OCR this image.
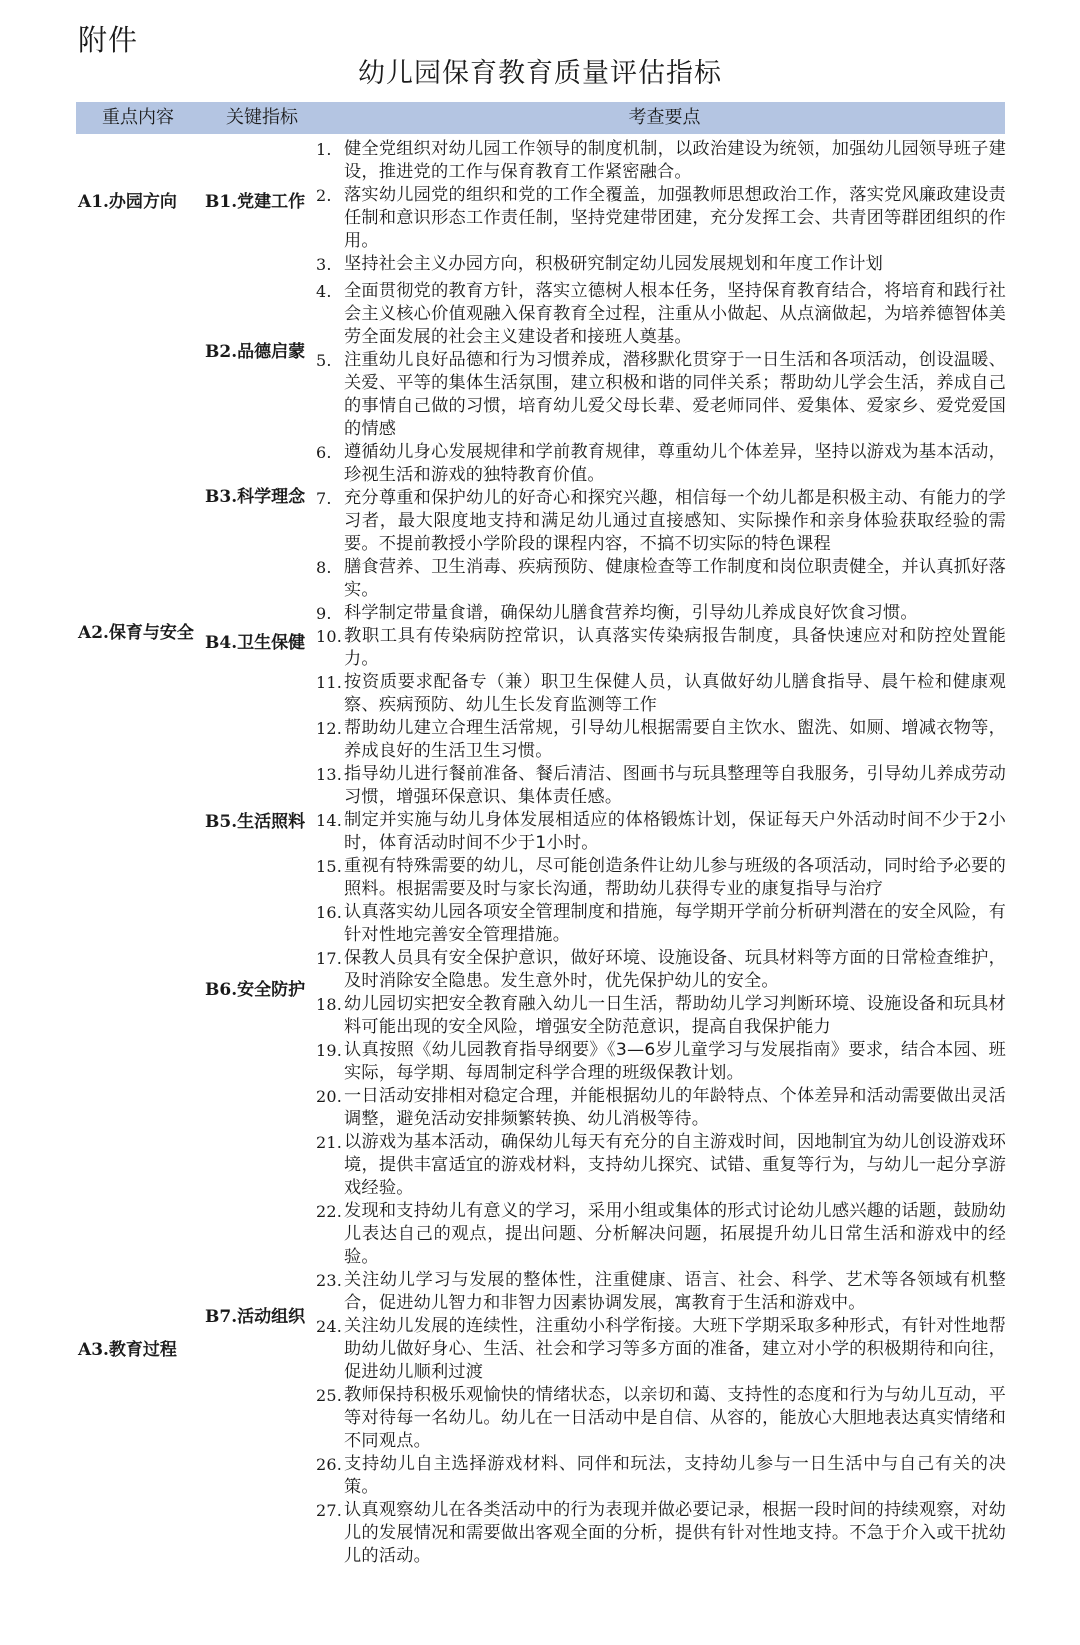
附件
幼儿园保育教育质量评估指标
重点内容	关键指标	考查要点
A1.办园方向
A2.保育与安全
A3.教育过程
B1.党建工作
B2.品德启蒙
B3.科学理念
B4.卫生保健
B5.生活照料
B6.安全防护
B7.活动组织
1. 健全党组织对幼儿园工作领导的制度机制，以政治建设为统领，加强幼儿园领导班子建设，推进党的工作与保育教育工作紧密融合。
2. 落实幼儿园党的组织和党的工作全覆盖，加强教师思想政治工作，落实党风廉政建设责任制和意识形态工作责任制，坚持党建带团建，充分发挥工会、共青团等群团组织的作用。
3. 坚持社会主义办园方向，积极研究制定幼儿园发展规划和年度工作计划
4. 全面贯彻党的教育方针，落实立德树人根本任务，坚持保育教育结合，将培育和践行社会主义核心价值观融入保育教育全过程，注重从小做起、从点滴做起，为培养德智体美劳全面发展的社会主义建设者和接班人奠基。
5. 注重幼儿良好品德和行为习惯养成，潜移默化贯穿于一日生活和各项活动，创设温暖、关爱、平等的集体生活氛围，建立积极和谐的同伴关系；帮助幼儿学会生活，养成自己的事情自己做的习惯，培育幼儿爱父母长辈、爱老师同伴、爱集体、爱家乡、爱党爱国的情感
6. 遵循幼儿身心发展规律和学前教育规律，尊重幼儿个体差异，坚持以游戏为基本活动，珍视生活和游戏的独特教育价值。
7. 充分尊重和保护幼儿的好奇心和探究兴趣，相信每一个幼儿都是积极主动、有能力的学习者，最大限度地支持和满足幼儿通过直接感知、实际操作和亲身体验获取经验的需要。不提前教授小学阶段的课程内容，不搞不切实际的特色课程
8. 膳食营养、卫生消毒、疾病预防、健康检查等工作制度和岗位职责健全，并认真抓好落实。
9. 科学制定带量食谱，确保幼儿膳食营养均衡，引导幼儿养成良好饮食习惯。
10. 教职工具有传染病防控常识，认真落实传染病报告制度，具备快速应对和防控处置能力。
11. 按资质要求配备专（兼）职卫生保健人员，认真做好幼儿膳食指导、晨午检和健康观察、疾病预防、幼儿生长发育监测等工作
12. 帮助幼儿建立合理生活常规，引导幼儿根据需要自主饮水、盥洗、如厕、增减衣物等，养成良好的生活卫生习惯。
13. 指导幼儿进行餐前准备、餐后清洁、图画书与玩具整理等自我服务，引导幼儿养成劳动习惯，增强环保意识、集体责任感。
14. 制定并实施与幼儿身体发展相适应的体格锻炼计划，保证每天户外活动时间不少于2小时，体育活动时间不少于1小时。
15. 重视有特殊需要的幼儿，尽可能创造条件让幼儿参与班级的各项活动，同时给予必要的照料。根据需要及时与家长沟通，帮助幼儿获得专业的康复指导与治疗
16. 认真落实幼儿园各项安全管理制度和措施，每学期开学前分析研判潜在的安全风险，有针对性地完善安全管理措施。
17. 保教人员具有安全保护意识，做好环境、设施设备、玩具材料等方面的日常检查维护，及时消除安全隐患。发生意外时，优先保护幼儿的安全。
18. 幼儿园切实把安全教育融入幼儿一日生活，帮助幼儿学习判断环境、设施设备和玩具材料可能出现的安全风险，增强安全防范意识，提高自我保护能力
19. 认真按照《幼儿园教育指导纲要》《3—6岁儿童学习与发展指南》要求，结合本园、班实际，每学期、每周制定科学合理的班级保教计划。
20. 一日活动安排相对稳定合理，并能根据幼儿的年龄特点、个体差异和活动需要做出灵活调整，避免活动安排频繁转换、幼儿消极等待。
21. 以游戏为基本活动，确保幼儿每天有充分的自主游戏时间，因地制宜为幼儿创设游戏环境，提供丰富适宜的游戏材料，支持幼儿探究、试错、重复等行为，与幼儿一起分享游戏经验。
22. 发现和支持幼儿有意义的学习，采用小组或集体的形式讨论幼儿感兴趣的话题，鼓励幼儿表达自己的观点，提出问题、分析解决问题，拓展提升幼儿日常生活和游戏中的经验。
23. 关注幼儿学习与发展的整体性，注重健康、语言、社会、科学、艺术等各领域有机整合，促进幼儿智力和非智力因素协调发展，寓教育于生活和游戏中。
24. 关注幼儿发展的连续性，注重幼小科学衔接。大班下学期采取多种形式，有针对性地帮助幼儿做好身心、生活、社会和学习等多方面的准备，建立对小学的积极期待和向往，促进幼儿顺利过渡
25. 教师保持积极乐观愉快的情绪状态，以亲切和蔼、支持性的态度和行为与幼儿互动，平等对待每一名幼儿。幼儿在一日活动中是自信、从容的，能放心大胆地表达真实情绪和不同观点。
26. 支持幼儿自主选择游戏材料、同伴和玩法，支持幼儿参与一日生活中与自己有关的决策。
27. 认真观察幼儿在各类活动中的行为表现并做必要记录，根据一段时间的持续观察，对幼儿的发展情况和需要做出客观全面的分析，提供有针对性地支持。不急于介入或干扰幼儿的活动。
